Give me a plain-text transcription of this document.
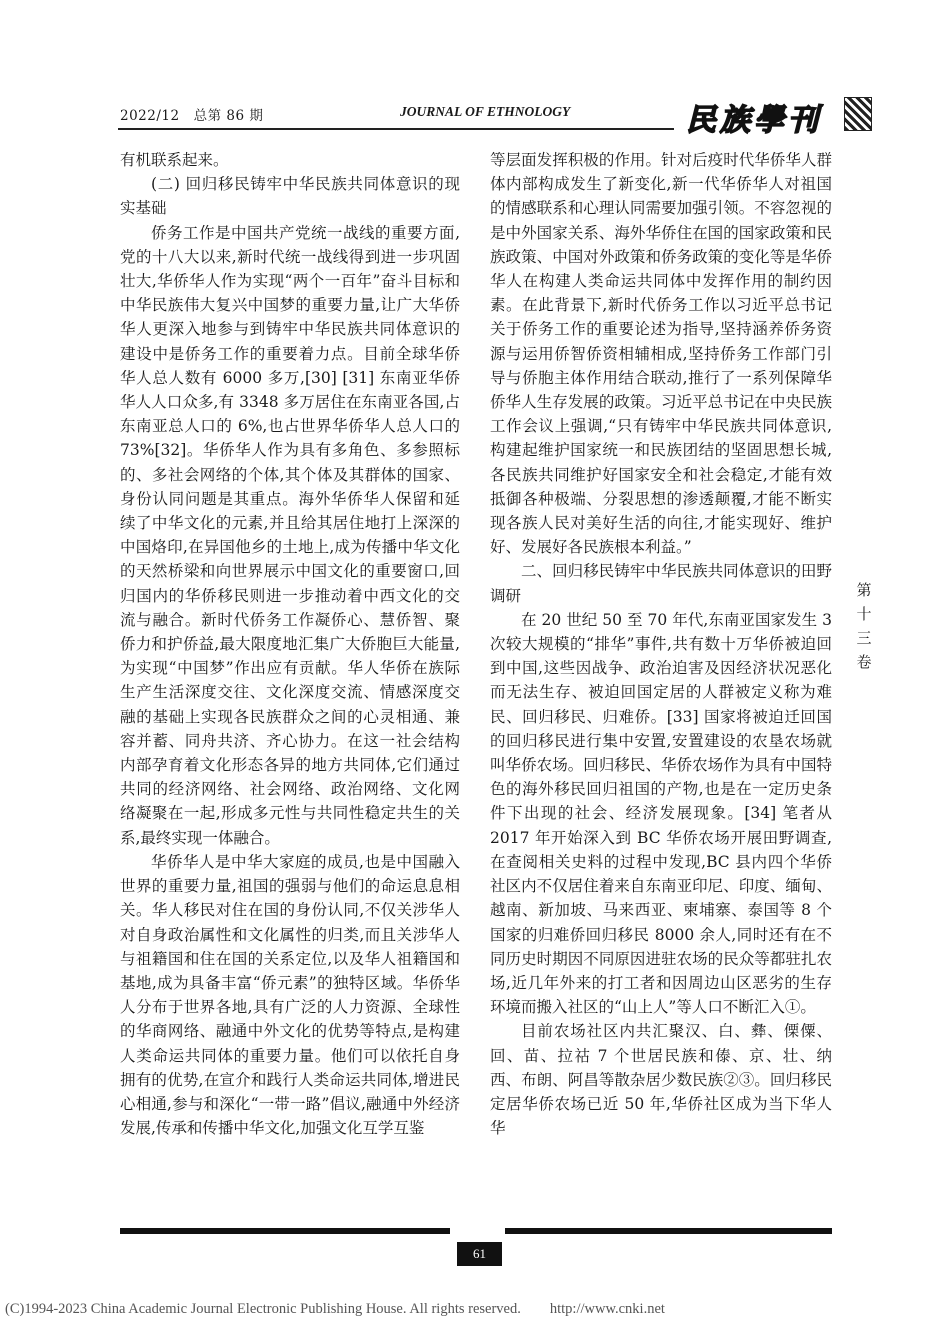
2022/12　总第 86 期	JOURNAL OF ETHNOLOGY	民族學刊

有机联系起来。

(二) 回归移民铸牢中华民族共同体意识的现实基础

侨务工作是中国共产党统一战线的重要方面,党的十八大以来,新时代统一战线得到进一步巩固壮大,华侨华人作为实现“两个一百年”奋斗目标和中华民族伟大复兴中国梦的重要力量,让广大华侨华人更深入地参与到铸牢中华民族共同体意识的建设中是侨务工作的重要着力点。目前全球华侨华人总人数有 6000 多万,[30] [31] 东南亚华侨华人人口众多,有 3348 多万居住在东南亚各国,占东南亚总人口的 6%,也占世界华侨华人总人口的 73%[32]。华侨华人作为具有多角色、多参照标的、多社会网络的个体,其个体及其群体的国家、身份认同问题是其重点。海外华侨华人保留和延续了中华文化的元素,并且给其居住地打上深深的中国烙印,在异国他乡的土地上,成为传播中华文化的天然桥梁和向世界展示中国文化的重要窗口,回归国内的华侨移民则进一步推动着中西文化的交流与融合。新时代侨务工作凝侨心、慧侨智、聚侨力和护侨益,最大限度地汇集广大侨胞巨大能量,为实现“中国梦”作出应有贡献。华人华侨在族际生产生活深度交往、文化深度交流、情感深度交融的基础上实现各民族群众之间的心灵相通、兼容并蓄、同舟共济、齐心协力。在这一社会结构内部孕育着文化形态各异的地方共同体,它们通过共同的经济网络、社会网络、政治网络、文化网络凝聚在一起,形成多元性与共同性稳定共生的关系,最终实现一体融合。

华侨华人是中华大家庭的成员,也是中国融入世界的重要力量,祖国的强弱与他们的命运息息相关。华人移民对住在国的身份认同,不仅关涉华人对自身政治属性和文化属性的归类,而且关涉华人与祖籍国和住在国的关系定位,以及华人祖籍国和基地,成为具备丰富“侨元素”的独特区域。华侨华人分布于世界各地,具有广泛的人力资源、全球性的华商网络、融通中外文化的优势等特点,是构建人类命运共同体的重要力量。他们可以依托自身拥有的优势,在宣介和践行人类命运共同体,增进民心相通,参与和深化“一带一路”倡议,融通中外经济发展,传承和传播中华文化,加强文化互学互鉴

等层面发挥积极的作用。针对后疫时代华侨华人群体内部构成发生了新变化,新一代华侨华人对祖国的情感联系和心理认同需要加强引领。不容忽视的是中外国家关系、海外华侨住在国的国家政策和民族政策、中国对外政策和侨务政策的变化等是华侨华人在构建人类命运共同体中发挥作用的制约因素。在此背景下,新时代侨务工作以习近平总书记关于侨务工作的重要论述为指导,坚持涵养侨务资源与运用侨智侨资相辅相成,坚持侨务工作部门引导与侨胞主体作用结合联动,推行了一系列保障华侨华人生存发展的政策。习近平总书记在中央民族工作会议上强调,“只有铸牢中华民族共同体意识,构建起维护国家统一和民族团结的坚固思想长城,各民族共同维护好国家安全和社会稳定,才能有效抵御各种极端、分裂思想的渗透颠覆,才能不断实现各族人民对美好生活的向往,才能实现好、维护好、发展好各民族根本利益。”

二、回归移民铸牢中华民族共同体意识的田野调研

在 20 世纪 50 至 70 年代,东南亚国家发生 3 次较大规模的“排华”事件,共有数十万华侨被迫回到中国,这些因战争、政治迫害及因经济状况恶化而无法生存、被迫回国定居的人群被定义称为难民、回归移民、归难侨。[33] 国家将被迫迁回国的回归移民进行集中安置,安置建设的农垦农场就叫华侨农场。回归移民、华侨农场作为具有中国特色的海外移民回归祖国的产物,也是在一定历史条件下出现的社会、经济发展现象。[34] 笔者从 2017 年开始深入到 BC 华侨农场开展田野调查,在查阅相关史料的过程中发现,BC 县内四个华侨社区内不仅居住着来自东南亚印尼、印度、缅甸、越南、新加坡、马来西亚、柬埔寨、泰国等 8 个国家的归难侨回归移民 8000 余人,同时还有在不同历史时期因不同原因进驻农场的民众等都驻扎农场,近几年外来的打工者和因周边山区恶劣的生存环境而搬入社区的“山上人”等人口不断汇入①。

目前农场社区内共汇聚汉、白、彝、傈僳、回、苗、拉祜 7 个世居民族和傣、京、壮、纳西、布朗、阿昌等散杂居少数民族②③。回归移民定居华侨农场已近 50 年,华侨社区成为当下华人华

第十三卷
61
(C)1994-2023 China Academic Journal Electronic Publishing House. All rights reserved.　　http://www.cnki.net
